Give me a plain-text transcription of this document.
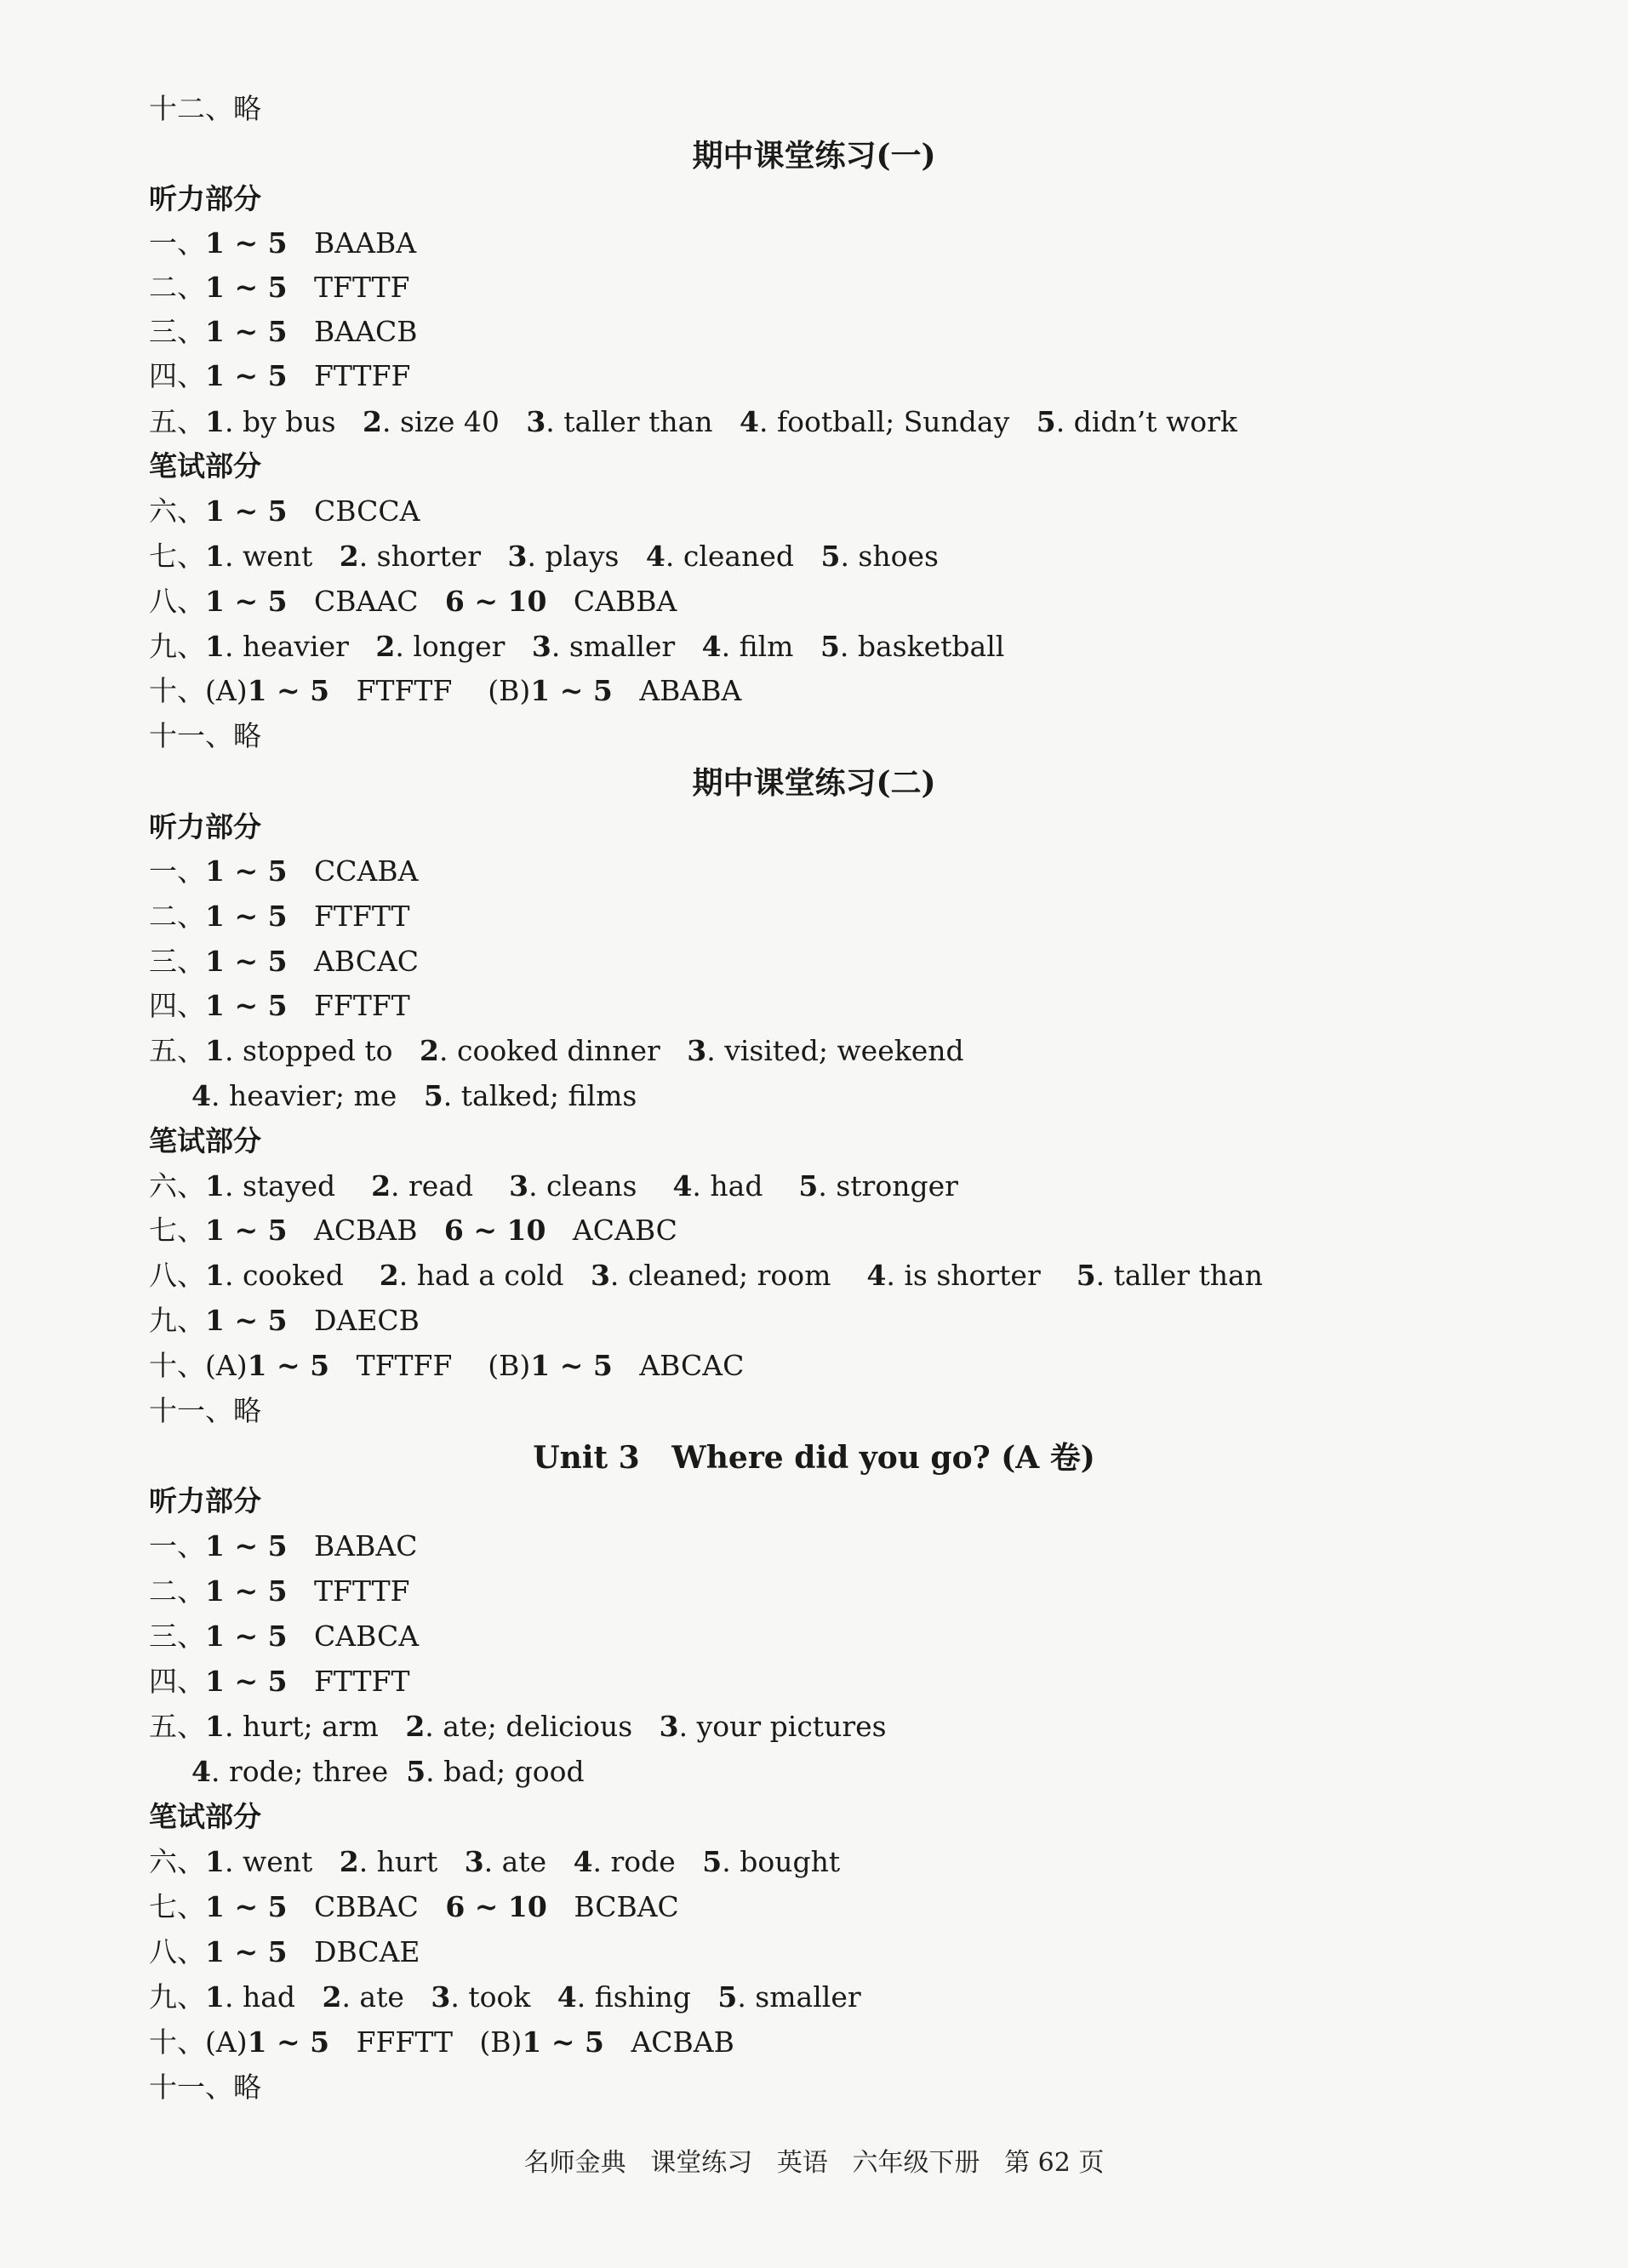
十二、略
期中课堂练习(一)
听力部分
一、1 ~ 5   BAABA
二、1 ~ 5   TFTTF
三、1 ~ 5   BAACB
四、1 ~ 5   FTTFF
五、1. by bus   2. size 40   3. taller than   4. football; Sunday   5. didn’t work
笔试部分
六、1 ~ 5   CBCCA
七、1. went   2. shorter   3. plays   4. cleaned   5. shoes
八、1 ~ 5   CBAAC   6 ~ 10   CABBA
九、1. heavier   2. longer   3. smaller   4. film   5. basketball
十、(A)1 ~ 5   FTFTF    (B)1 ~ 5   ABABA
十一、略
期中课堂练习(二)
听力部分
一、1 ~ 5   CCABA
二、1 ~ 5   FTFTT
三、1 ~ 5   ABCAC
四、1 ~ 5   FFTFT
五、1. stopped to   2. cooked dinner   3. visited; weekend
4. heavier; me   5. talked; films
笔试部分
六、1. stayed    2. read    3. cleans    4. had    5. stronger
七、1 ~ 5   ACBAB   6 ~ 10   ACABC
八、1. cooked    2. had a cold   3. cleaned; room    4. is shorter    5. taller than
九、1 ~ 5   DAECB
十、(A)1 ~ 5   TFTFF    (B)1 ~ 5   ABCAC
十一、略
Unit 3   Where did you go? (A 卷)
听力部分
一、1 ~ 5   BABAC
二、1 ~ 5   TFTTF
三、1 ~ 5   CABCA
四、1 ~ 5   FTTFT
五、1. hurt; arm   2. ate; delicious   3. your pictures
4. rode; three  5. bad; good
笔试部分
六、1. went   2. hurt   3. ate   4. rode   5. bought
七、1 ~ 5   CBBAC   6 ~ 10   BCBAC
八、1 ~ 5   DBCAE
九、1. had   2. ate   3. took   4. fishing   5. smaller
十、(A)1 ~ 5   FFFTT   (B)1 ~ 5   ACBAB
十一、略
名师金典   课堂练习   英语   六年级下册   第 62 页
